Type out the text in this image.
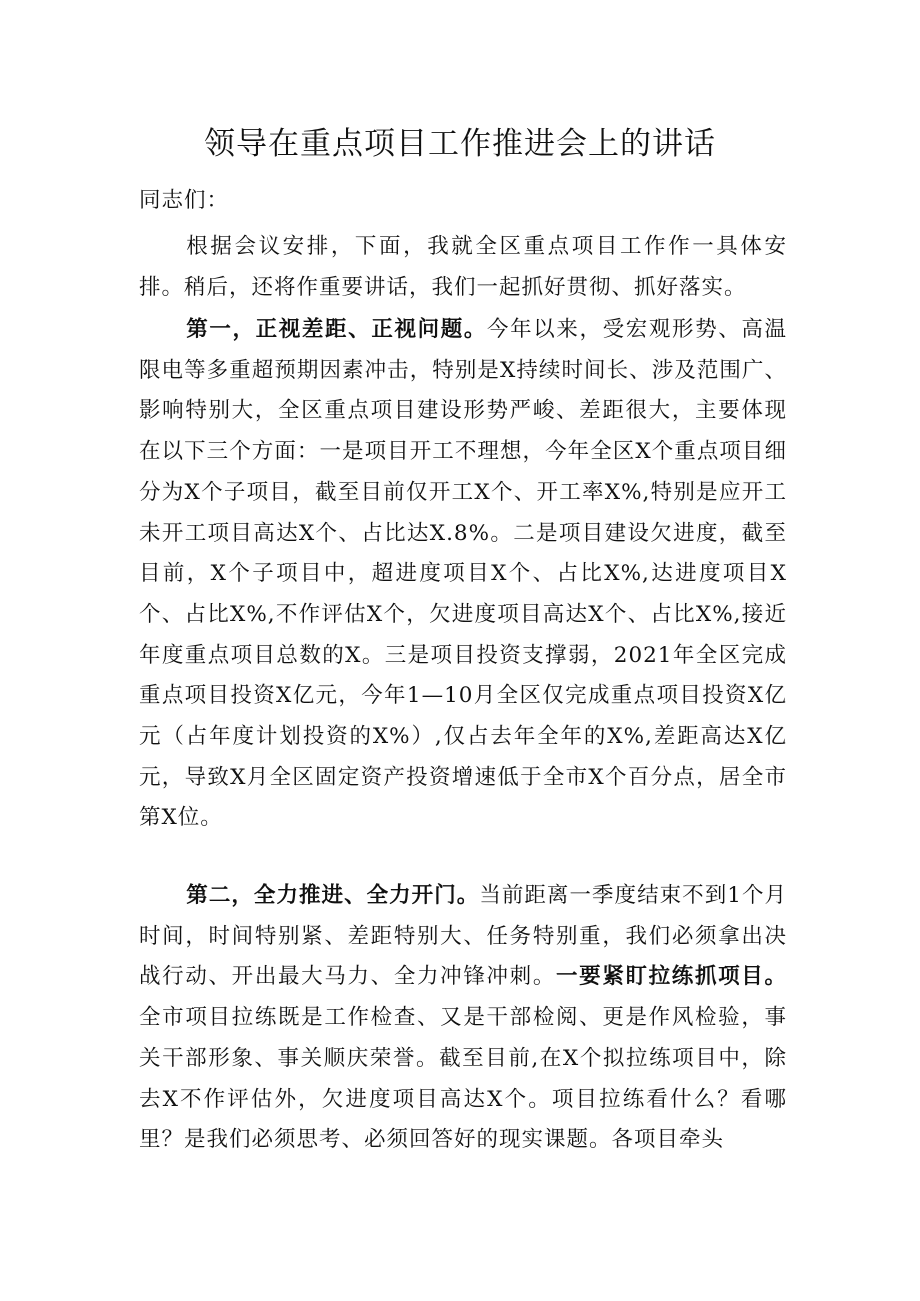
领导在重点项目工作推进会上的讲话
同志们：

根据会议安排，下面，我就全区重点项目工作作一具体安排。稍后，还将作重要讲话，我们一起抓好贯彻、抓好落实。

第一，正视差距、正视问题。今年以来，受宏观形势、高温限电等多重超预期因素冲击，特别是X持续时间长、涉及范围广、影响特别大，全区重点项目建设形势严峻、差距很大，主要体现在以下三个方面：一是项目开工不理想，今年全区X个重点项目细分为X个子项目，截至目前仅开工X个、开工率X%,特别是应开工未开工项目高达X个、占比达X.8%。二是项目建设欠进度，截至目前，X个子项目中，超进度项目X个、占比X%,达进度项目X个、占比X%,不作评估X个，欠进度项目高达X个、占比X%,接近年度重点项目总数的X。三是项目投资支撑弱，2021年全区完成重点项目投资X亿元，今年1—10月全区仅完成重点项目投资X亿元（占年度计划投资的X%）,仅占去年全年的X%,差距高达X亿元，导致X月全区固定资产投资增速低于全市X个百分点，居全市第X位。

第二，全力推进、全力开门。当前距离一季度结束不到1个月时间，时间特别紧、差距特别大、任务特别重，我们必须拿出决战行动、开出最大马力、全力冲锋冲刺。一要紧盯拉练抓项目。全市项目拉练既是工作检查、又是干部检阅、更是作风检验，事关干部形象、事关顺庆荣誉。截至目前,在X个拟拉练项目中，除去X不作评估外，欠进度项目高达X个。项目拉练看什么？看哪里？是我们必须思考、必须回答好的现实课题。各项目牵头
